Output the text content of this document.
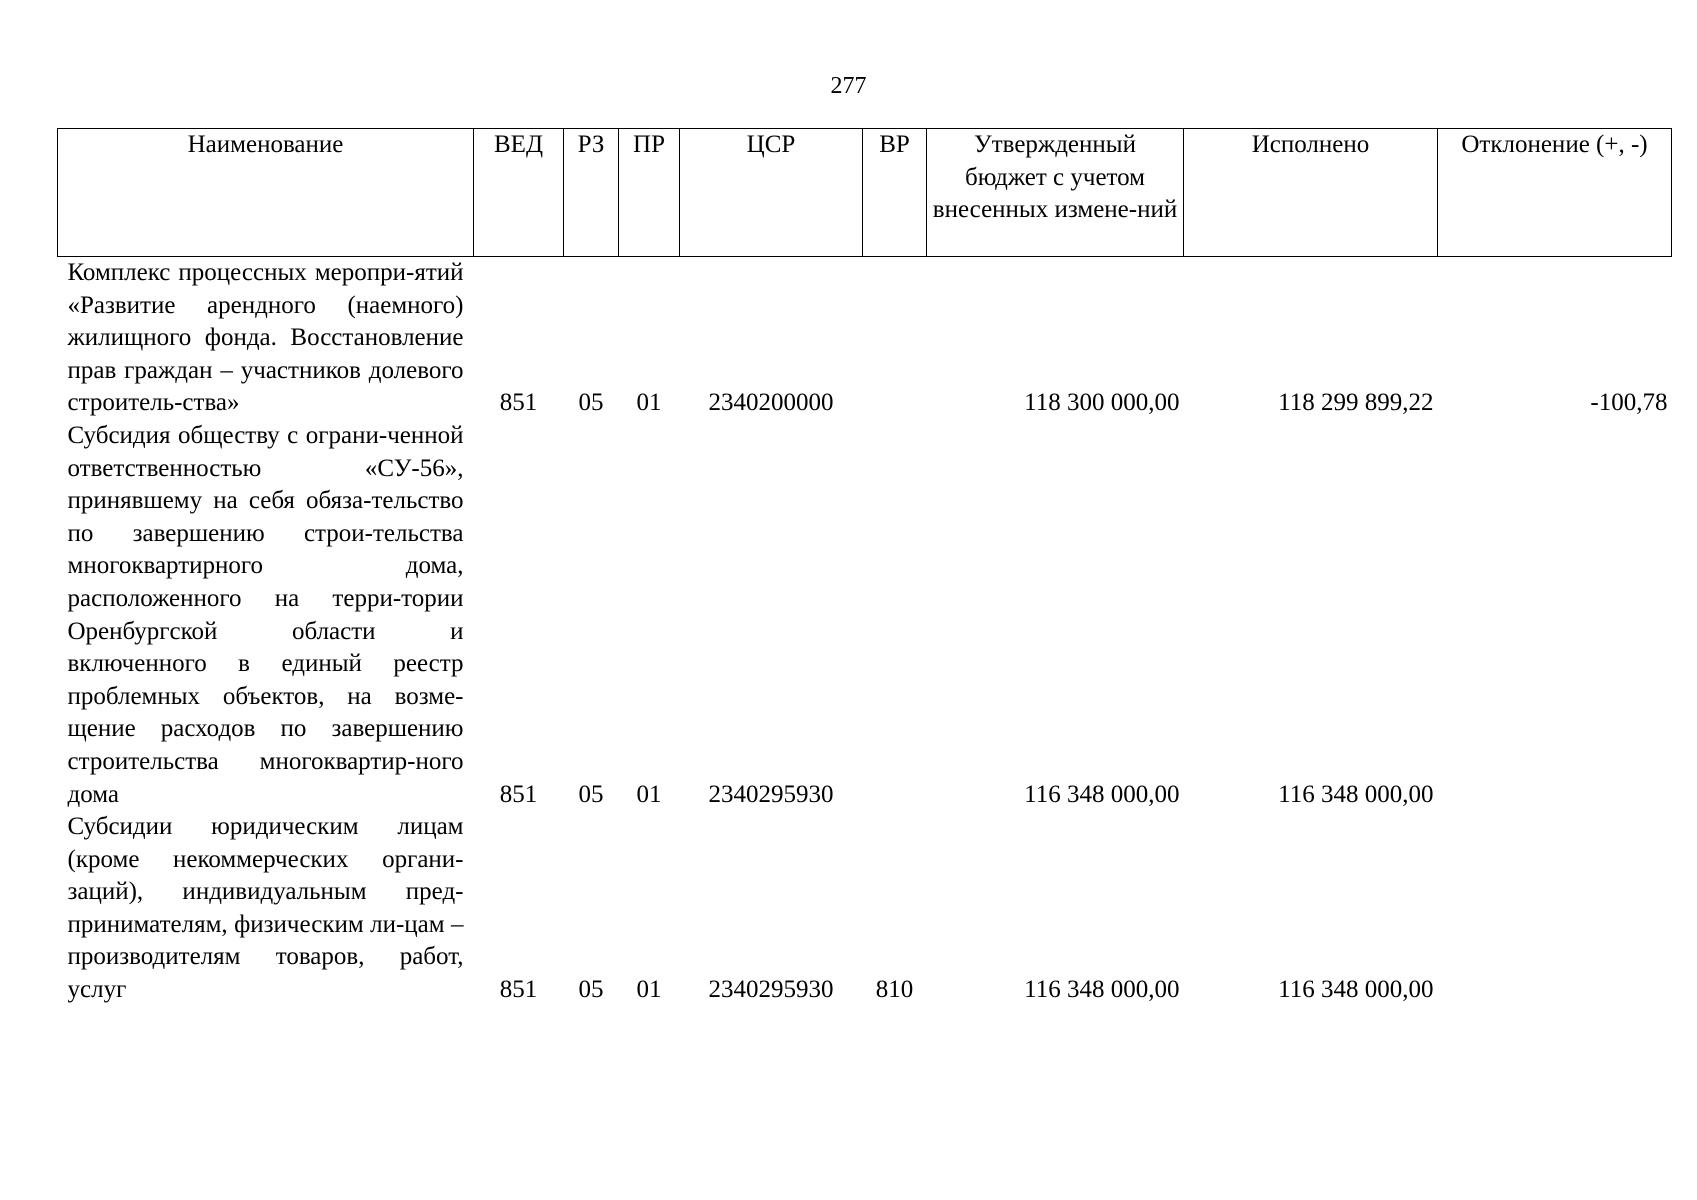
277
Наименование	ВЕД	РЗ	ПР	ЦСР	ВР	Утвержденный бюджет с учетом внесенных измене-ний	Исполнено	Отклонение (+, -)
Комплекс процессных меропри-ятий «Развитие арендного (наемного) жилищного фонда. Восстановление прав граждан – участников долевого строитель-ства»	851	05	01	2340200000		118 300 000,00	118 299 899,22	-100,78
Субсидия обществу с ограни-ченной ответственностью «СУ-56», принявшему на себя обяза-тельство по завершению строи-тельства многоквартирного дома, расположенного на терри-тории Оренбургской области и включенного в единый реестр проблемных объектов, на возме-щение расходов по завершению строительства многоквартир-ного дома	851	05	01	2340295930		116 348 000,00	116 348 000,00	
Субсидии юридическим лицам (кроме некоммерческих органи-заций), индивидуальным пред-принимателям, физическим ли-цам – производителям товаров, работ, услуг	851	05	01	2340295930	810	116 348 000,00	116 348 000,00	
